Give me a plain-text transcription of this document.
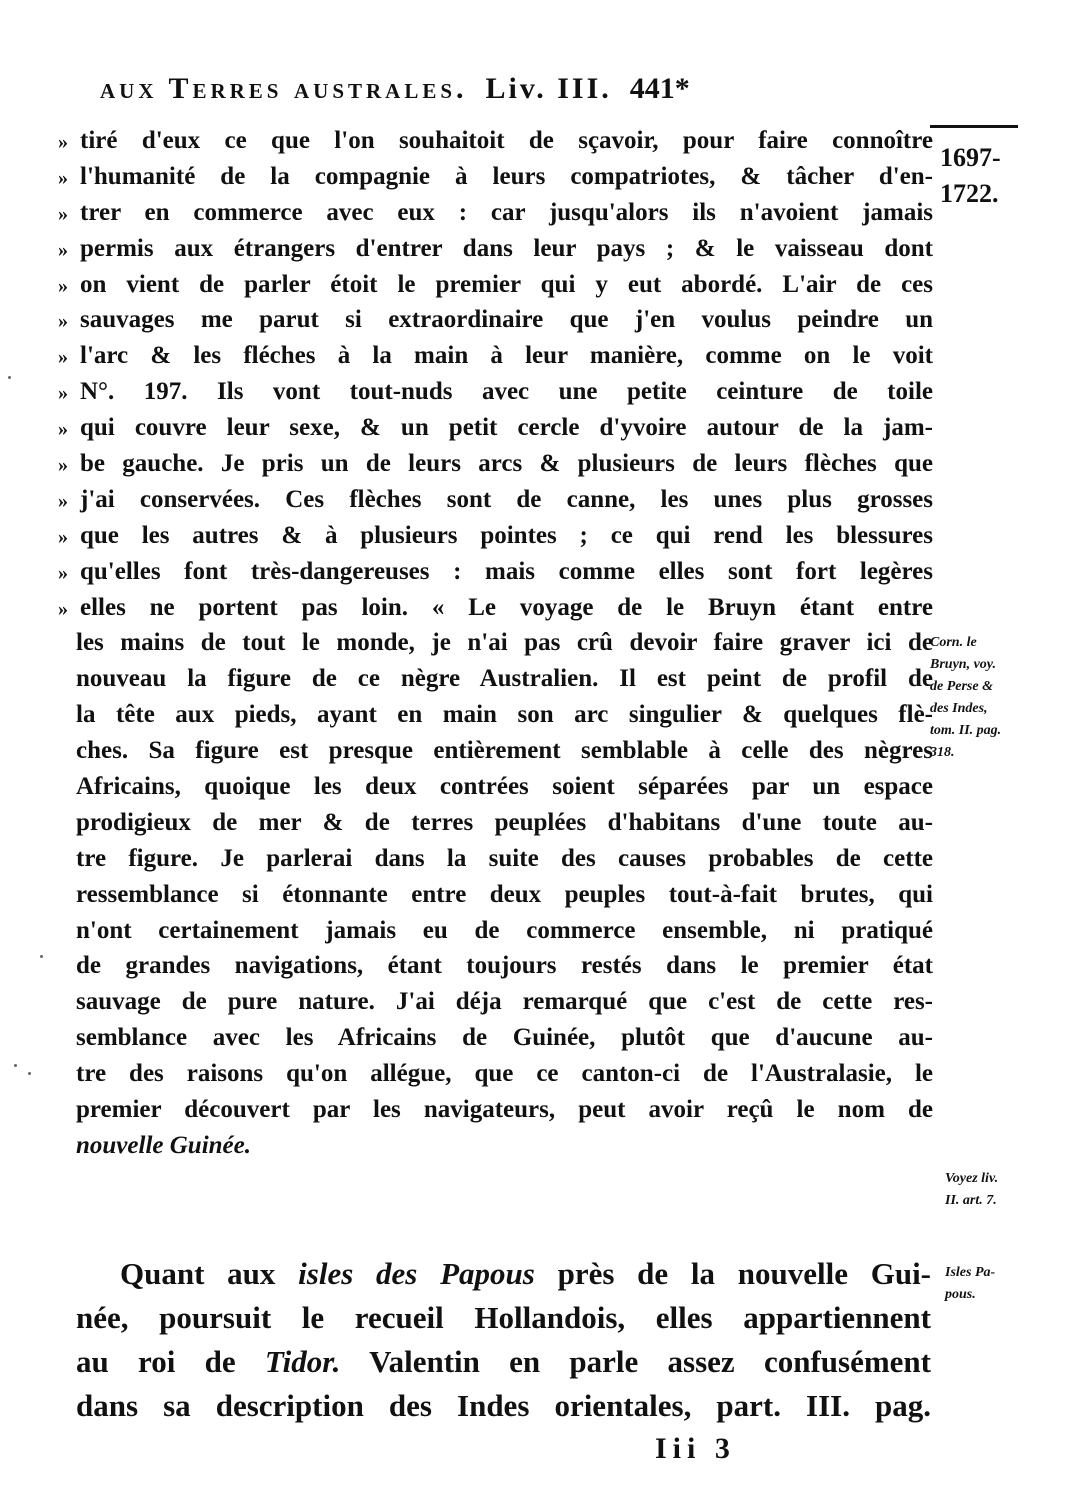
aux Terres australes. Liv. III. 441*
1697-
1722.
» tiré d'eux ce que l'on souhaitoit de sçavoir, pour faire connoître
» l'humanité de la compagnie à leurs compatriotes, & tâcher d'en-
» trer en commerce avec eux : car jusqu'alors ils n'avoient jamais
» permis aux étrangers d'entrer dans leur pays ; & le vaisseau dont
» on vient de parler étoit le premier qui y eut abordé. L'air de ces
» sauvages me parut si extraordinaire que j'en voulus peindre un
» l'arc & les fléches à la main à leur manière, comme on le voit
» N°. 197. Ils vont tout-nuds avec une petite ceinture de toile
» qui couvre leur sexe, & un petit cercle d'yvoire autour de la jam-
» be gauche. Je pris un de leurs arcs & plusieurs de leurs flèches que
» j'ai conservées. Ces flèches sont de canne, les unes plus grosses
» que les autres & à plusieurs pointes ; ce qui rend les blessures
» qu'elles font très-dangereuses : mais comme elles sont fort legères
» elles ne portent pas loin. « Le voyage de le Bruyn étant entre
les mains de tout le monde, je n'ai pas crû devoir faire graver ici de
nouveau la figure de ce nègre Australien. Il est peint de profil de
la tête aux pieds, ayant en main son arc singulier & quelques flè-
ches. Sa figure est presque entièrement semblable à celle des nègres
Africains, quoique les deux contrées soient séparées par un espace
prodigieux de mer & de terres peuplées d'habitans d'une toute au-
tre figure. Je parlerai dans la suite des causes probables de cette
ressemblance si étonnante entre deux peuples tout-à-fait brutes, qui
n'ont certainement jamais eu de commerce ensemble, ni pratiqué
de grandes navigations, étant toujours restés dans le premier état
sauvage de pure nature. J'ai déja remarqué que c'est de cette res-
semblance avec les Africains de Guinée, plutôt que d'aucune au-
tre des raisons qu'on allégue, que ce canton-ci de l'Australasie, le
premier découvert par les navigateurs, peut avoir reçû le nom de
nouvelle Guinée.
Quant aux isles des Papous près de la nouvelle Gui-
née, poursuit le recueil Hollandois, elles appartiennent
au roi de Tidor. Valentin en parle assez confusément
dans sa description des Indes orientales, part. III. pag.
Iii 3
Corn. le
Bruyn, voy.
de Perse &
des Indes,
tom. II. pag.
318.
Voyez liv.
II. art. 7.
Isles Pa-
pous.
